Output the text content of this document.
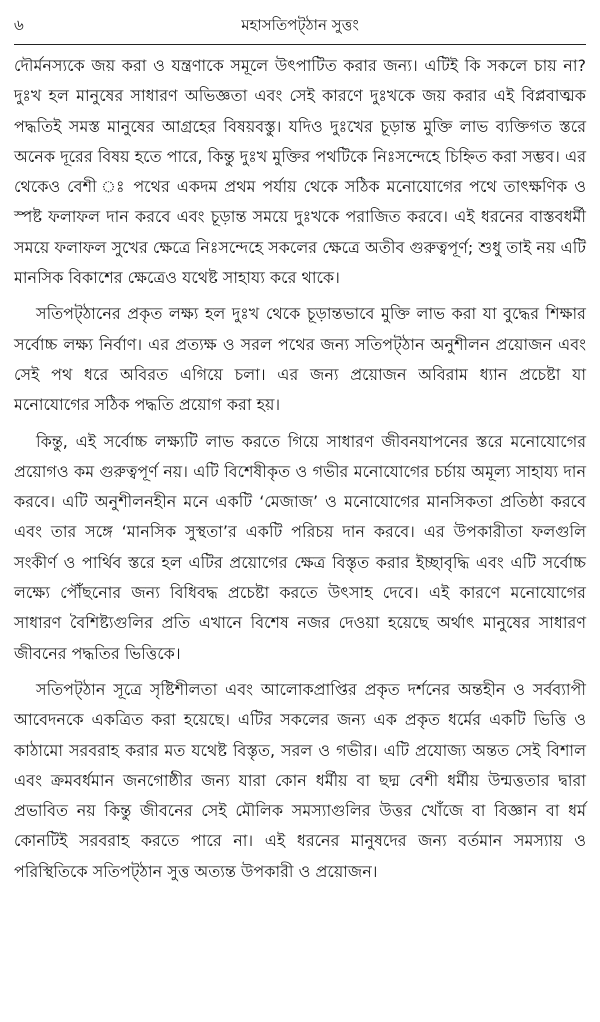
৬	মহাসতিপট্‌ঠান সুত্তং

দৌর্মনস্যকে জয় করা ও যন্ত্রণাকে সমূলে উৎপাটিত করার জন্য। এটিই কি সকলে চায় না? দুঃখ হল মানুষের সাধারণ অভিজ্ঞতা এবং সেই কারণে দুঃখকে জয় করার এই বিপ্লবাত্মক পদ্ধতিই সমস্ত মানুষের আগ্রহের বিষয়বস্তু। যদিও দুঃখের চূড়ান্ত মুক্তি লাভ ব্যক্তিগত স্তরে অনেক দূরের বিষয় হতে পারে, কিন্তু দুঃখ মুক্তির পথটিকে নিঃসন্দেহে চিহ্নিত করা সম্ভব। এর থেকেও বেশী ঃ পথের একদম প্রথম পর্যায় থেকে সঠিক মনোযোগের পথে তাৎক্ষণিক ও স্পষ্ট ফলাফল দান করবে এবং চূড়ান্ত সময়ে দুঃখকে পরাজিত করবে। এই ধরনের বাস্তবধর্মী সময়ে ফলাফল সুখের ক্ষেত্রে নিঃসন্দেহে সকলের ক্ষেত্রে অতীব গুরুত্বপূর্ণ; শুধু তাই নয় এটি মানসিক বিকাশের ক্ষেত্রেও যথেষ্ট সাহায্য করে থাকে।

সতিপট্‌ঠানের প্রকৃত লক্ষ্য হল দুঃখ থেকে চূড়ান্তভাবে মুক্তি লাভ করা যা বুদ্ধের শিক্ষার সর্বোচ্চ লক্ষ্য নির্বাণ। এর প্রত্যক্ষ ও সরল পথের জন্য সতিপট্‌ঠান অনুশীলন প্রয়োজন এবং সেই পথ ধরে অবিরত এগিয়ে চলা। এর জন্য প্রয়োজন অবিরাম ধ্যান প্রচেষ্টা যা মনোযোগের সঠিক পদ্ধতি প্রয়োগ করা হয়।

কিন্তু, এই সর্বোচ্চ লক্ষ্যটি লাভ করতে গিয়ে সাধারণ জীবনযাপনের স্তরে মনোযোগের প্রয়োগও কম গুরুত্বপূর্ণ নয়। এটি বিশেষীকৃত ও গভীর মনোযোগের চর্চায় অমূল্য সাহায্য দান করবে। এটি অনুশীলনহীন মনে একটি ‘মেজাজ’ ও মনোযোগের মানসিকতা প্রতিষ্ঠা করবে এবং তার সঙ্গে ‘মানসিক সুস্থতা’র একটি পরিচয় দান করবে। এর উপকারীতা ফলগুলি সংকীর্ণ ও পার্থিব স্তরে হল এটির প্রয়োগের ক্ষেত্র বিস্তৃত করার ইচ্ছাবৃদ্ধি এবং এটি সর্বোচ্চ লক্ষ্যে পৌঁছনোর জন্য বিধিবদ্ধ প্রচেষ্টা করতে উৎসাহ দেবে। এই কারণে মনোযোগের সাধারণ বৈশিষ্ট্যগুলির প্রতি এখানে বিশেষ নজর দেওয়া হয়েছে অর্থাৎ মানুষের সাধারণ জীবনের পদ্ধতির ভিত্তিকে।

সতিপট্‌ঠান সূত্রে সৃষ্টিশীলতা এবং আলোকপ্রাপ্তির প্রকৃত দর্শনের অন্তহীন ও সর্বব্যাপী আবেদনকে একত্রিত করা হয়েছে। এটির সকলের জন্য এক প্রকৃত ধর্মের একটি ভিত্তি ও কাঠামো সরবরাহ করার মত যথেষ্ট বিস্তৃত, সরল ও গভীর। এটি প্রযোজ্য অন্তত সেই বিশাল এবং ক্রমবর্ধমান জনগোষ্ঠীর জন্য যারা কোন ধর্মীয় বা ছদ্ম বেশী ধর্মীয় উন্মত্ততার দ্বারা প্রভাবিত নয় কিন্তু জীবনের সেই মৌলিক সমস্যাগুলির উত্তর খোঁজে বা বিজ্ঞান বা ধর্ম কোনটিই সরবরাহ করতে পারে না। এই ধরনের মানুষদের জন্য বর্তমান সমস্যায় ও পরিস্থিতিকে সতিপট্‌ঠান সুত্ত অত্যন্ত উপকারী ও প্রয়োজন।
